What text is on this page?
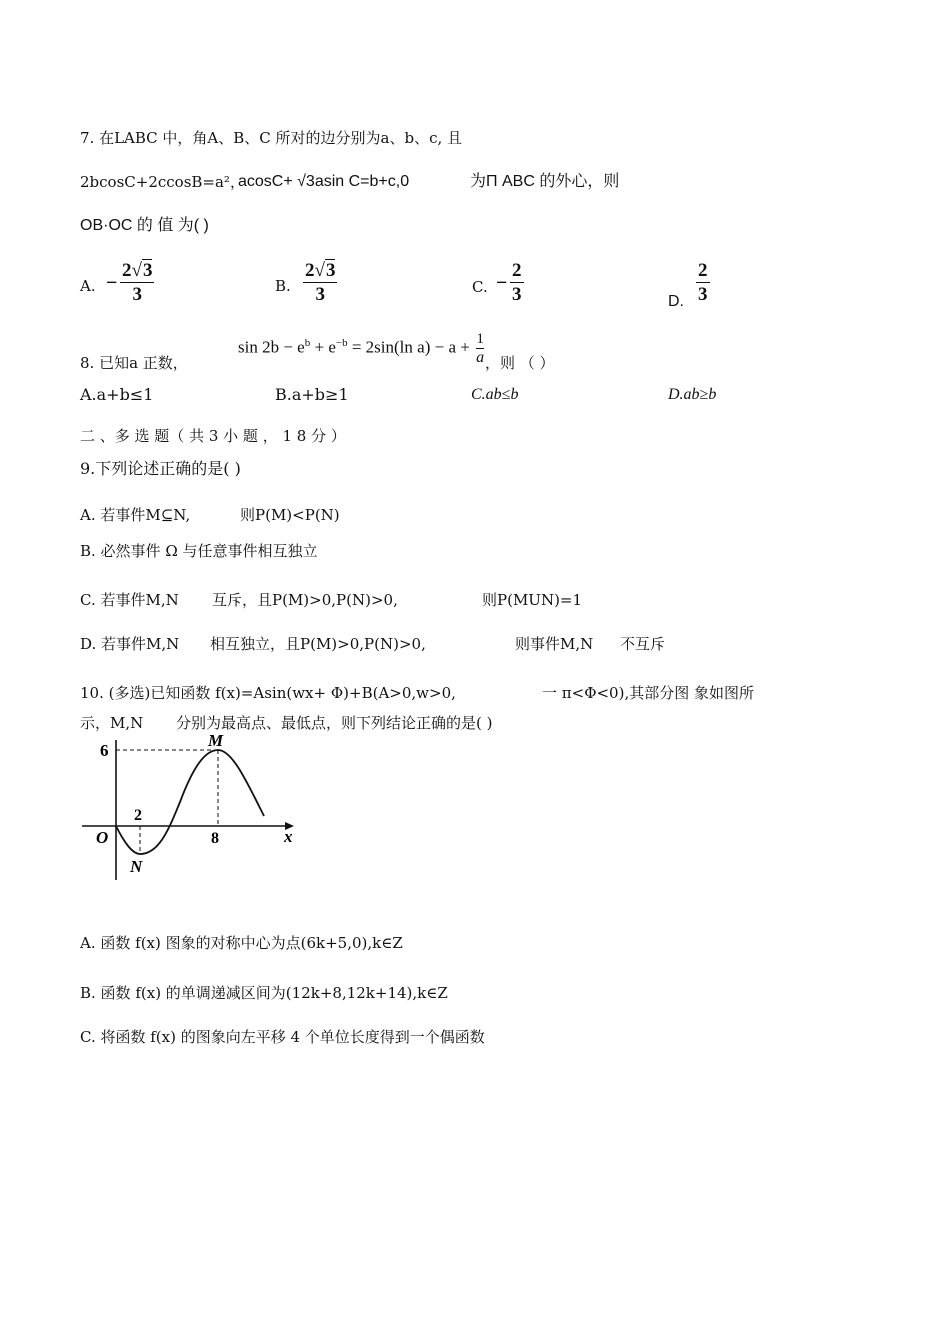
7. 在LABC 中，角A、B、C 所对的边分别为a、b、c, 且
2bcosC+2ccosB=a²，
acosC+ √3asin C=b+c,0	为Π ABC 的外心，则
OB·OC 的 值 为( )
A. − $\frac{2√3}{3}$	B. $\frac{2√3}{3}$	C. − $\frac{2}{3}$	D. $\frac{2}{3}$
8. 已知a 正数，
$\sin 2b - e^b + e^{-b} = 2\sin(\ln$ $a) - a + \frac{1}{a}$ ，则 （ ）
A.a+b≤1	B.a+b≥1	C.ab≤b	D.ab≥b
二 、多 选 题（ 共 3 小 题 ， 1 8 分 ）
9.下列论述正确的是( )
A. 若事件M⊆N,	则P(M)<P(N)
B. 必然事件 Ω 与任意事件相互独立
C. 若事件M,N 互斥，且P(M)>0,P(N)>0,	则P(MUN)=1
D. 若事件M,N 相互独立，且P(M)>0,P(N)>0,	则事件M,N 不互斥
10. (多选)已知函数 f(x)=Asin(wx+ Φ)+B(A>0,w>0,	一 π<Φ<0),其部分图 象如图所
示，M,N 分别为最高点、最低点，则下列结论正确的是( )
6
2
8
O	x
M
N
A. 函数 f(x) 图象的对称中心为点(6k+5,0),k∈Z
B. 函数 f(x) 的单调递减区间为(12k+8,12k+14),k∈Z
C. 将函数 f(x) 的图象向左平移 4 个单位长度得到一个偶函数
